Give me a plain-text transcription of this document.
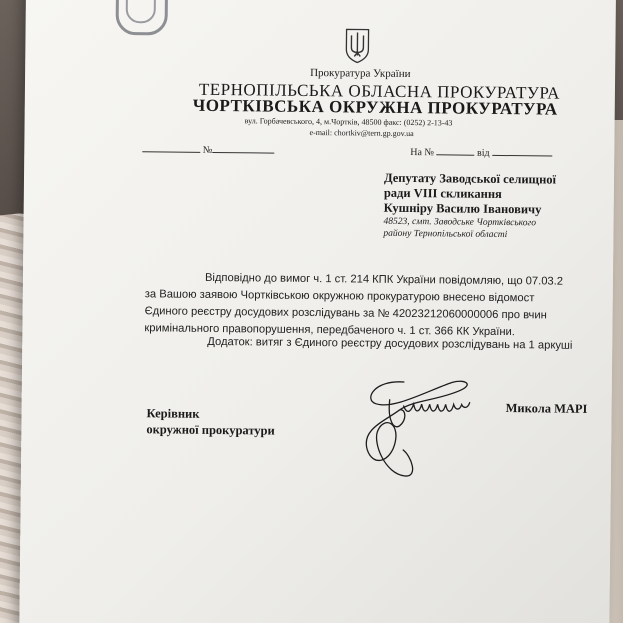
Прокуратура України
ТЕРНОПІЛЬСЬКА ОБЛАСНА ПРОКУРАТУРА
ЧОРТКІВСЬКА ОКРУЖНА ПРОКУРАТУРА
вул. Горбачевського, 4, м.Чортків, 48500 факс: (0252) 2-13-43
e-mail: chortkiv@tern.gp.gov.ua
№	На №	від
Депутату Заводської селищної
ради VIII скликання
Кушніру Василю Івановичу
48523, смт. Заводське Чортківського
району Тернопільської області

Відповідно до вимог ч. 1 ст. 214 КПК України повідомляю, що 07.03.2

за Вашою заявою Чортківською окружною прокуратурою внесено відомост

Єдиного реєстру досудових розслідувань за № 42023212060000006 про вчин

кримінального правопорушення, передбаченого ч. 1 ст. 366 КК України.

Додаток: витяг з Єдиного реєстру досудових розслідувань на 1 аркуші
Керівник
окружної прокуратури
Микола МАРІ
